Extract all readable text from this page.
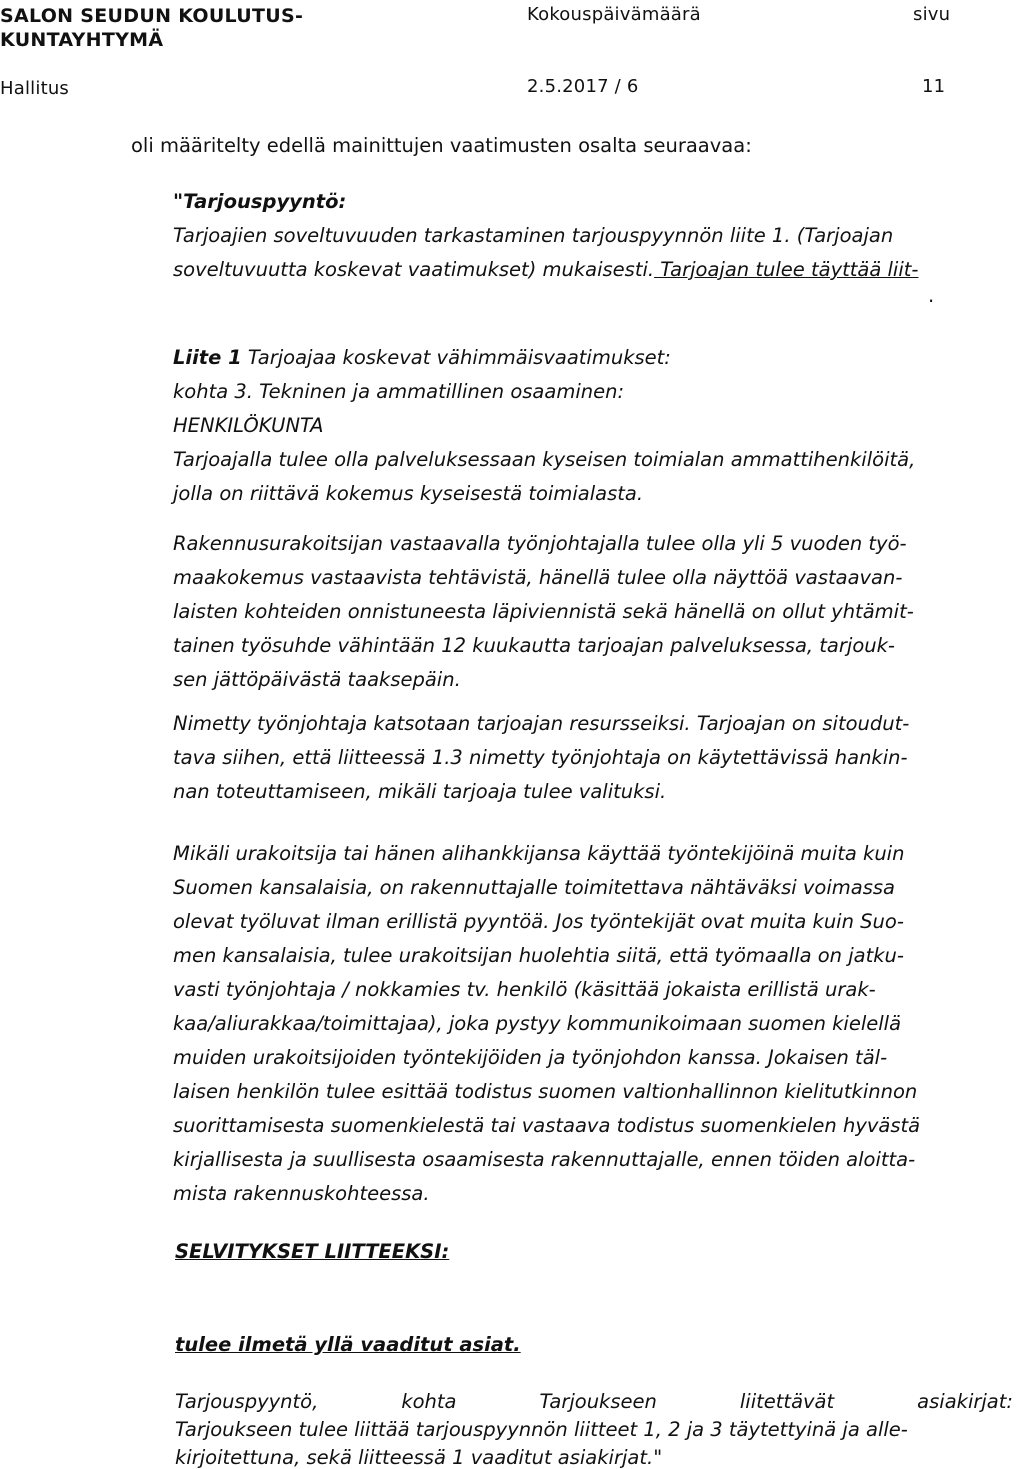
SALON SEUDUN KOULUTUS-
KUNTAYHTYMÄ
Kokouspäivämäärä	sivu
Hallitus	2.5.2017 / 6	11
oli määritelty edellä mainittujen vaatimusten osalta seuraavaa:
"Tarjouspyyntö:
Tarjoajien soveltuvuuden tarkastaminen tarjouspyynnön liite 1. (Tarjoajan
soveltuvuutta koskevat vaatimukset) mukaisesti. Tarjoajan tulee täyttää liit-
.
Liite 1 Tarjoajaa koskevat vähimmäisvaatimukset:
kohta 3. Tekninen ja ammatillinen osaaminen:
HENKILÖKUNTA
Tarjoajalla tulee olla palveluksessaan kyseisen toimialan ammattihenkilöitä,
jolla on riittävä kokemus kyseisestä toimialasta.
Rakennusurakoitsijan vastaavalla työnjohtajalla tulee olla yli 5 vuoden työ-
maakokemus vastaavista tehtävistä, hänellä tulee olla näyttöä vastaavan-
laisten kohteiden onnistuneesta läpiviennistä sekä hänellä on ollut yhtämit-
tainen työsuhde vähintään 12 kuukautta tarjoajan palveluksessa, tarjouk-
sen jättöpäivästä taaksepäin.
Nimetty työnjohtaja katsotaan tarjoajan resursseiksi. Tarjoajan on sitoudut-
tava siihen, että liitteessä 1.3 nimetty työnjohtaja on käytettävissä hankin-
nan toteuttamiseen, mikäli tarjoaja tulee valituksi.
Mikäli urakoitsija tai hänen alihankkijansa käyttää työntekijöinä muita kuin
Suomen kansalaisia, on rakennuttajalle toimitettava nähtäväksi voimassa
olevat työluvat ilman erillistä pyyntöä. Jos työntekijät ovat muita kuin Suo-
men kansalaisia, tulee urakoitsijan huolehtia siitä, että työmaalla on jatku-
vasti työnjohtaja / nokkamies tv. henkilö (käsittää jokaista erillistä urak-
kaa/aliurakkaa/toimittajaa), joka pystyy kommunikoimaan suomen kielellä
muiden urakoitsijoiden työntekijöiden ja työnjohdon kanssa. Jokaisen täl-
laisen henkilön tulee esittää todistus suomen valtionhallinnon kielitutkinnon
suorittamisesta suomenkielestä tai vastaava todistus suomenkielen hyvästä
kirjallisesta ja suullisesta osaamisesta rakennuttajalle, ennen töiden aloitta-
mista rakennuskohteessa.
SELVITYKSET LIITTEEKSI:
tulee ilmetä yllä vaaditut asiat.
Tarjouspyyntö,	kohta	Tarjoukseen	liitettävät	asiakirjat:
Tarjoukseen tulee liittää tarjouspyynnön liitteet 1, 2 ja 3 täytettyinä ja alle-
kirjoitettuna, sekä liitteessä 1 vaaditut asiakirjat."
